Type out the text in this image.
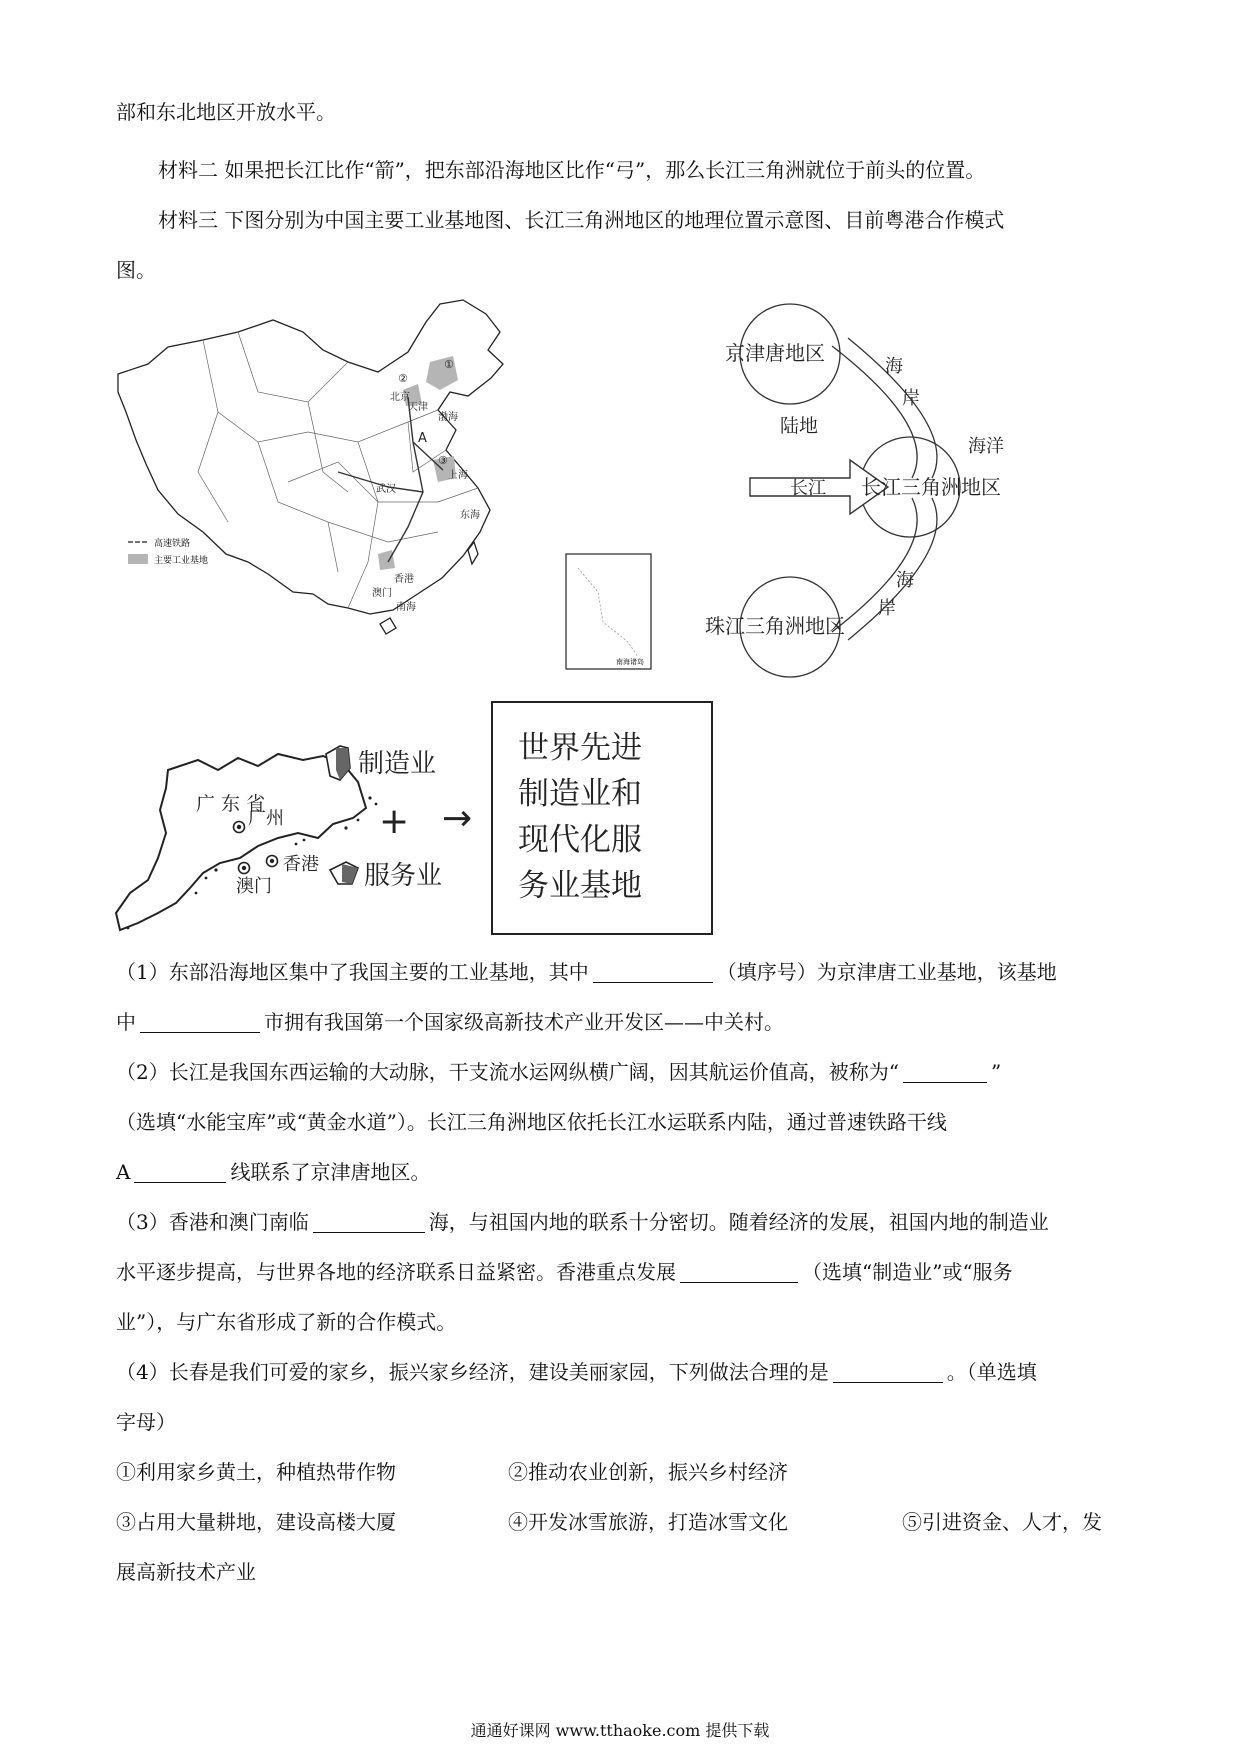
部和东北地区开放水平。
材料二 如果把长江比作“箭”，把东部沿海地区比作“弓”，那么长江三角洲就位于前头的位置。
材料三 下图分别为中国主要工业基地图、长江三角洲地区的地理位置示意图、目前粤港合作模式
图。
①
②
③
北京
天津
渤海
A
武汉
上海
东海
香港
澳门
南海
高速铁路
主要工业基地
南海诸岛
京津唐地区
长江三角洲地区
珠江三角洲地区
长江
陆地
海洋
海
岸
海
岸
广 东 省
广州
香港
澳门
制造业
服务业
+ →
世界先进
制造业和
现代化服
务业基地
（1）东部沿海地区集中了我国主要的工业基地，其中	（填序号）为京津唐工业基地，该基地
中	市拥有我国第一个国家级高新技术产业开发区——中关村。
（2）长江是我国东西运输的大动脉，干支流水运网纵横广阔，因其航运价值高，被称为“	”
（选填“水能宝库”或“黄金水道”）。长江三角洲地区依托长江水运联系内陆，通过普速铁路干线
A	线联系了京津唐地区。
（3）香港和澳门南临	海，与祖国内地的联系十分密切。随着经济的发展，祖国内地的制造业
水平逐步提高，与世界各地的经济联系日益紧密。香港重点发展	（选填“制造业”或“服务
业”），与广东省形成了新的合作模式。
（4）长春是我们可爱的家乡，振兴家乡经济，建设美丽家园，下列做法合理的是	。（单选填
字母）
①利用家乡黄土，种植热带作物	②推动农业创新，振兴乡村经济
③占用大量耕地，建设高楼大厦	④开发冰雪旅游，打造冰雪文化	⑤引进资金、人才，发
展高新技术产业
通通好课网 www.tthaoke.com 提供下载
